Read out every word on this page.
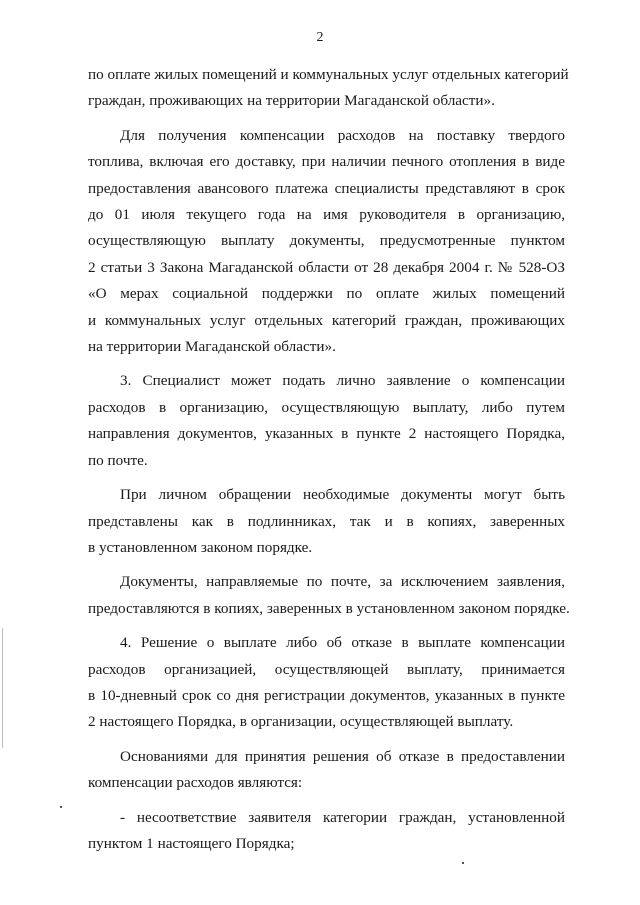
2

по оплате жилых помещений и коммунальных услуг отдельных категорий
граждан, проживающих на территории Магаданской области».

Для получения компенсации расходов на поставку твердого
топлива, включая его доставку, при наличии печного отопления в виде
предоставления авансового платежа специалисты представляют в срок
до 01 июля текущего года на имя руководителя в организацию,
осуществляющую выплату документы, предусмотренные пунктом
2 статьи 3 Закона Магаданской области от 28 декабря 2004 г. № 528-ОЗ
«О мерах социальной поддержки по оплате жилых помещений
и коммунальных услуг отдельных категорий граждан, проживающих
на территории Магаданской области».

3. Специалист может подать лично заявление о компенсации
расходов в организацию, осуществляющую выплату, либо путем
направления документов, указанных в пункте 2 настоящего Порядка,
по почте.

При личном обращении необходимые документы могут быть
представлены как в подлинниках, так и в копиях, заверенных
в установленном законом порядке.

Документы, направляемые по почте, за исключением заявления,
предоставляются в копиях, заверенных в установленном законом порядке.

4. Решение о выплате либо об отказе в выплате компенсации
расходов организацией, осуществляющей выплату, принимается
в 10-дневный срок со дня регистрации документов, указанных в пункте
2 настоящего Порядка, в организации, осуществляющей выплату.

Основаниями для принятия решения об отказе в предоставлении
компенсации расходов являются:

- несоответствие заявителя категории граждан, установленной
пунктом 1 настоящего Порядка;
